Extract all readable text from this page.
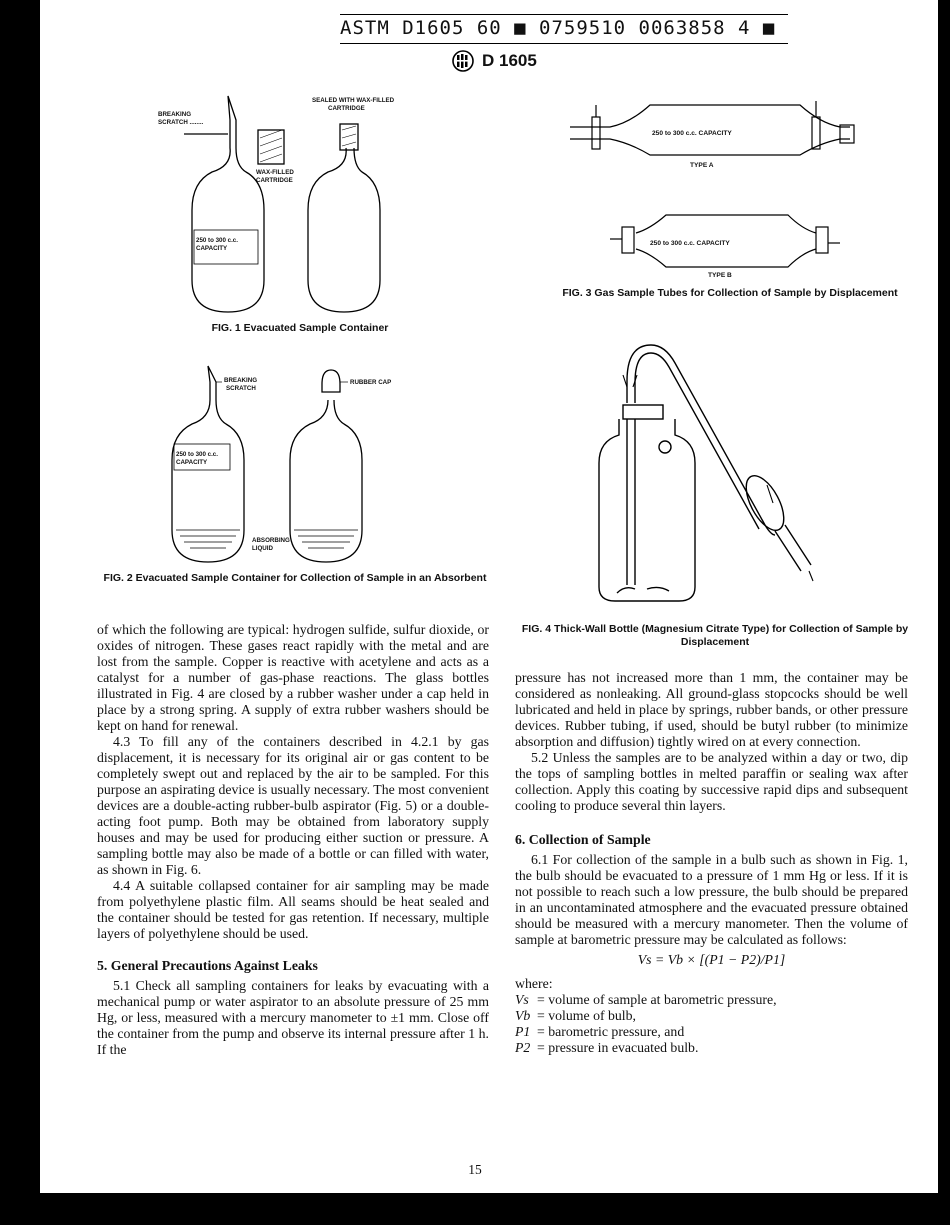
ASTM D1605 60 ■ 0759510 0063858 4 ■
D 1605
BREAKING
SCRATCH ........
SEALED WITH WAX-FILLED
CARTRIDGE
WAX-FILLED
CARTRIDGE
250 to 300 c.c.
CAPACITY
FIG. 1 Evacuated Sample Container
BREAKING
SCRATCH
RUBBER CAP
250 to 300 c.c.
CAPACITY
ABSORBING
LIQUID
FIG. 2 Evacuated Sample Container for Collection of Sample in an Absorbent
250 to 300 c.c. CAPACITY
TYPE A
250 to 300 c.c. CAPACITY
TYPE B
FIG. 3 Gas Sample Tubes for Collection of Sample by Displacement
FIG. 4 Thick-Wall Bottle (Magnesium Citrate Type) for Collection of Sample by Displacement

of which the following are typical: hydrogen sulfide, sulfur dioxide, or oxides of nitrogen. These gases react rapidly with the metal and are lost from the sample. Copper is reactive with acetylene and acts as a catalyst for a number of gas-phase reactions. The glass bottles illustrated in Fig. 4 are closed by a rubber washer under a cap held in place by a strong spring. A supply of extra rubber washers should be kept on hand for renewal.

4.3 To fill any of the containers described in 4.2.1 by gas displacement, it is necessary for its original air or gas content to be completely swept out and replaced by the air to be sampled. For this purpose an aspirating device is usually necessary. The most convenient devices are a double-acting rubber-bulb aspirator (Fig. 5) or a double-acting foot pump. Both may be obtained from laboratory supply houses and may be used for producing either suction or pressure. A sampling bottle may also be made of a bottle or can filled with water, as shown in Fig. 6.

4.4 A suitable collapsed container for air sampling may be made from polyethylene plastic film. All seams should be heat sealed and the container should be tested for gas retention. If necessary, multiple layers of polyethylene should be used.

5. General Precautions Against Leaks

5.1 Check all sampling containers for leaks by evacuating with a mechanical pump or water aspirator to an absolute pressure of 25 mm Hg, or less, measured with a mercury manometer to ±1 mm. Close off the container from the pump and observe its internal pressure after 1 h. If the

pressure has not increased more than 1 mm, the container may be considered as nonleaking. All ground-glass stopcocks should be well lubricated and held in place by springs, rubber bands, or other pressure devices. Rubber tubing, if used, should be butyl rubber (to minimize absorption and diffusion) tightly wired on at every connection.

5.2 Unless the samples are to be analyzed within a day or two, dip the tops of sampling bottles in melted paraffin or sealing wax after collection. Apply this coating by successive rapid dips and subsequent cooling to produce several thin layers.

6. Collection of Sample

6.1 For collection of the sample in a bulb such as shown in Fig. 1, the bulb should be evacuated to a pressure of 1 mm Hg or less. If it is not possible to reach such a low pressure, the bulb should be prepared in an uncontaminated atmosphere and the evacuated pressure obtained should be measured with a mercury manometer. Then the volume of sample at barometric pressure may be calculated as follows:

Vs = Vb × [(P1 − P2)/P1]

where:

Vs = volume of sample at barometric pressure,
Vb = volume of bulb,
P1 = barometric pressure, and
P2 = pressure in evacuated bulb.
15
